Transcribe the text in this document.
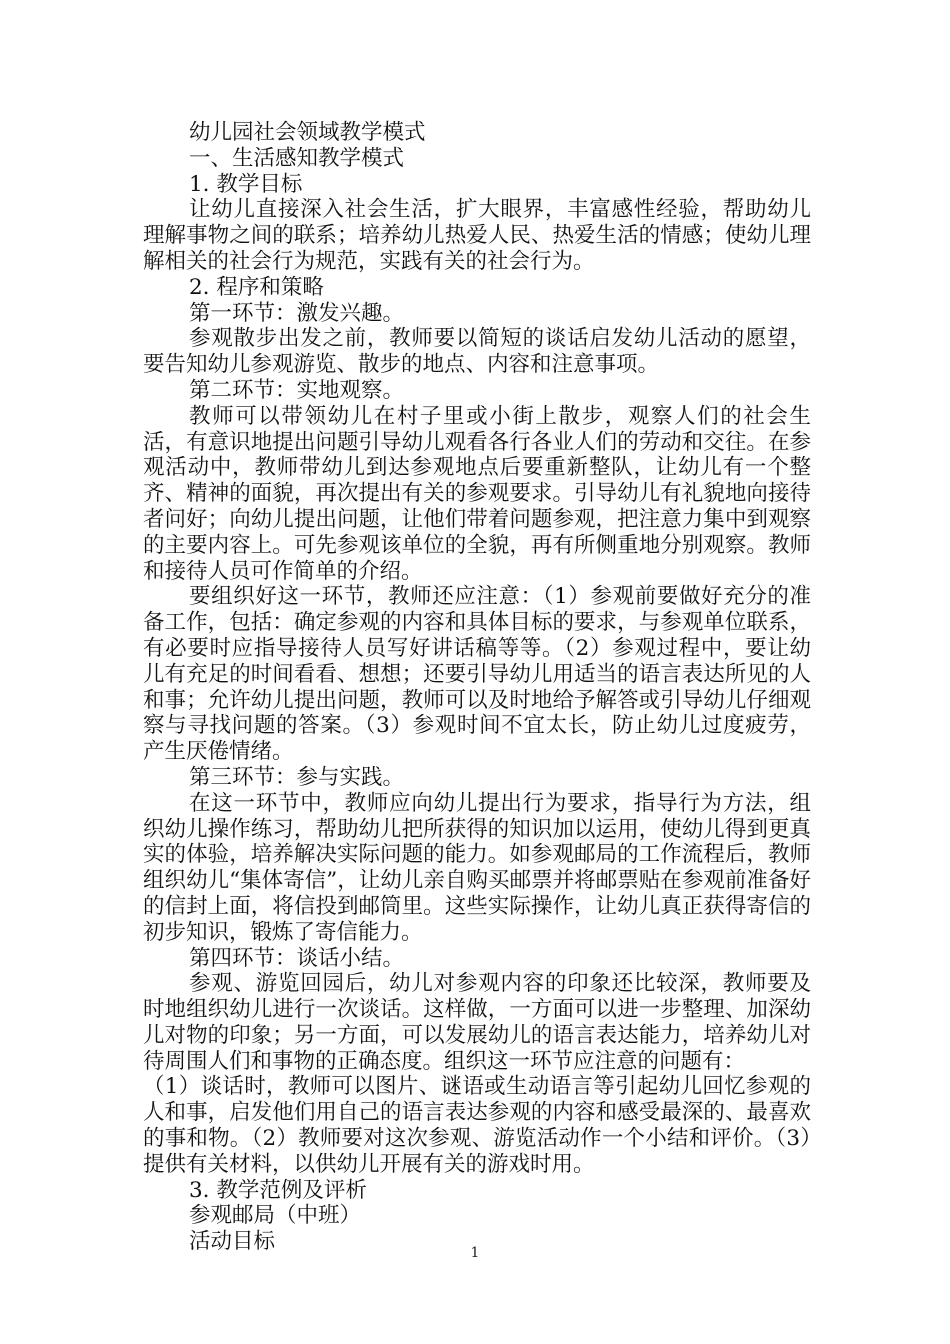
幼儿园社会领域教学模式

一、生活感知教学模式

1. 教学目标

让幼儿直接深入社会生活，扩大眼界，丰富感性经验，帮助幼儿理解事物之间的联系；培养幼儿热爱人民、热爱生活的情感；使幼儿理解相关的社会行为规范，实践有关的社会行为。

2. 程序和策略

第一环节：激发兴趣。

参观散步出发之前，教师要以简短的谈话启发幼儿活动的愿望，要告知幼儿参观游览、散步的地点、内容和注意事项。

第二环节：实地观察。

教师可以带领幼儿在村子里或小街上散步，观察人们的社会生活，有意识地提出问题引导幼儿观看各行各业人们的劳动和交往。在参观活动中，教师带幼儿到达参观地点后要重新整队，让幼儿有一个整齐、精神的面貌，再次提出有关的参观要求。引导幼儿有礼貌地向接待者问好；向幼儿提出问题，让他们带着问题参观，把注意力集中到观察的主要内容上。可先参观该单位的全貌，再有所侧重地分别观察。教师和接待人员可作简单的介绍。

要组织好这一环节，教师还应注意：（1）参观前要做好充分的准备工作，包括：确定参观的内容和具体目标的要求，与参观单位联系，有必要时应指导接待人员写好讲话稿等等。（2）参观过程中，要让幼儿有充足的时间看看、想想；还要引导幼儿用适当的语言表达所见的人和事；允许幼儿提出问题，教师可以及时地给予解答或引导幼儿仔细观察与寻找问题的答案。（3）参观时间不宜太长，防止幼儿过度疲劳，产生厌倦情绪。

第三环节：参与实践。

在这一环节中，教师应向幼儿提出行为要求，指导行为方法，组织幼儿操作练习，帮助幼儿把所获得的知识加以运用，使幼儿得到更真实的体验，培养解决实际问题的能力。如参观邮局的工作流程后，教师组织幼儿“集体寄信”，让幼儿亲自购买邮票并将邮票贴在参观前准备好的信封上面，将信投到邮筒里。这些实际操作，让幼儿真正获得寄信的初步知识，锻炼了寄信能力。

第四环节：谈话小结。

参观、游览回园后，幼儿对参观内容的印象还比较深，教师要及时地组织幼儿进行一次谈话。这样做，一方面可以进一步整理、加深幼儿对物的印象；另一方面，可以发展幼儿的语言表达能力，培养幼儿对待周围人们和事物的正确态度。组织这一环节应注意的问题有：

（1）谈话时，教师可以图片、谜语或生动语言等引起幼儿回忆参观的人和事，启发他们用自己的语言表达参观的内容和感受最深的、最喜欢的事和物。（2）教师要对这次参观、游览活动作一个小结和评价。（3）提供有关材料，以供幼儿开展有关的游戏时用。

3. 教学范例及评析

参观邮局（中班）

活动目标	1
